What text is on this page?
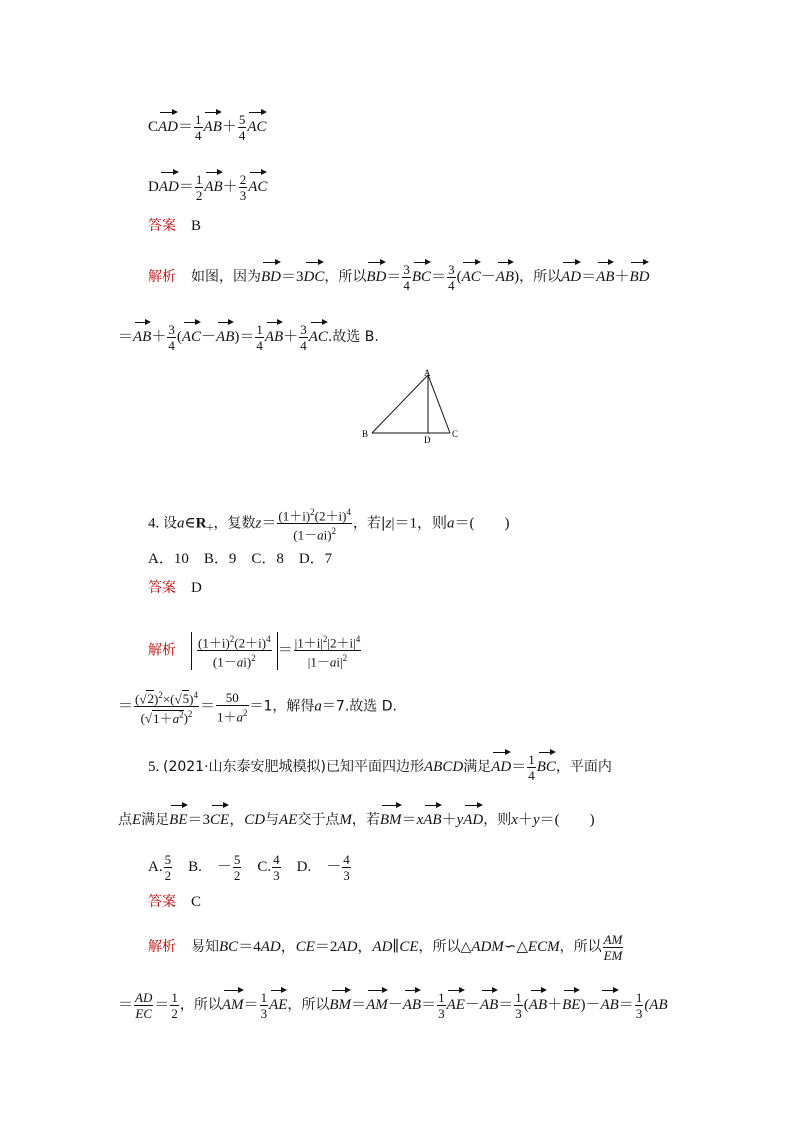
$CAD= \frac{1}{4} AB+ \frac{5}{4}$ AC
$DAD= \frac{1}{2} AB+ \frac{2}{3}$ AC
答案　 B
解析　 如图，因为BD＝3DC，所以$BD= \frac{3}{4} BC= \frac{3}{4} (AC-AB)$，所以AD＝AB＋BD
$=AB+ \frac{3}{4} (AC-AB)= \frac{1}{4} AB+ \frac{3}{4}$ AC.故选 B.
A
B	C
D
4. 设$a\in R_+$，复数$z= \frac{(1+i)^2(2+i)^4}{(1-ai)^2}$ ，若|z|＝1，则a＝(　　)
A．10　B．9　C．8　D．7
答案　 D
解析　 $\frac{(1+i)^2(2+i)^4}{(1-ai)^2} = \frac{|1+i|^2|2+i|^4}{|1-ai|^2}$
＝ $\frac{(√2)^2\times(√5)^4}{(√1+a^2)^2} = \frac{50}{1+a^2} =1$，解得a＝7.故选 D.
5. (2021·山东泰安肥城模拟)已知平面四边形ABCD满足$AD= \frac{1}{4}$ BC，平面内
点E满足BE＝3CE，CD与AE交于点M，若BM＝xAB＋yAD，则x＋y＝(　　)
A. $\frac{5}{2}$ 　B.　－ $\frac{5}{2}$ 　C. $\frac{4}{3}$ 　D.　－ $\frac{4}{3}$
答案　 C
解析　 易知BC＝4AD，CE＝2AD，AD∥CE，所以△ADM∽△ECM，所以 $\frac{AM}{EM}$
＝ $\frac{AD}{EC} = \frac{1}{2}$ ，所以$AM= \frac{1}{3}$ AE，所以$BM=AM-AB= \frac{1}{3} AE-AB= \frac{1}{3} (AB+BE)-AB= \frac{1}{3} (AB$
